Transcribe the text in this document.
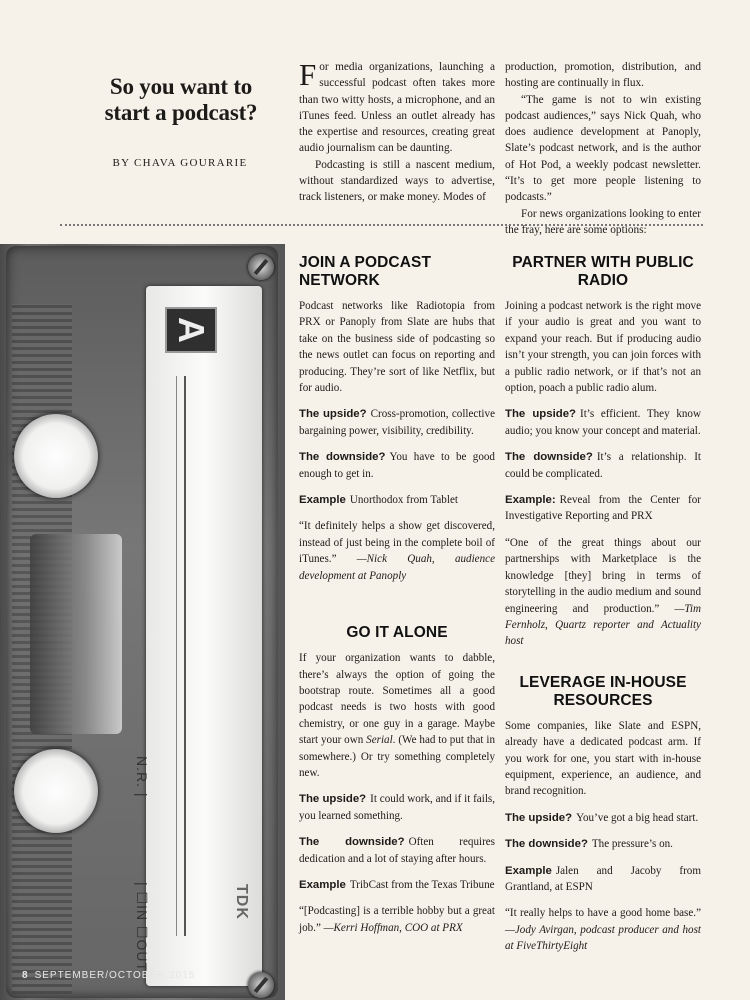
So you want to start a podcast?
BY CHAVA GOURARIE

For media organizations, launching a successful podcast often takes more than two witty hosts, a microphone, and an iTunes feed. Unless an outlet already has the expertise and resources, creating great audio journalism can be daunting.

Podcasting is still a nascent medium, without standardized ways to advertise, track listeners, or make money. Modes of

production, promotion, distribution, and hosting are continually in flux.

“The game is not to win existing podcast audiences,” says Nick Quah, who does audience development at Panoply, Slate’s podcast network, and is the author of Hot Pod, a weekly podcast newsletter. “It’s to get more people listening to podcasts.”

For news organizations looking to enter the fray, here are some options:

A
N.R. |
| ☐IN ☐OUT	TDK
8 SEPTEMBER/OCTOBER 2015
JOIN A PODCAST NETWORK

Podcast networks like Radiotopia from PRX or Panoply from Slate are hubs that take on the business side of podcasting so the news outlet can focus on reporting and producing. They’re sort of like Netflix, but for audio.

The upside? Cross-promotion, collective bargaining power, visibility, credibility.

The downside? You have to be good enough to get in.

Example Unorthodox from Tablet

“It definitely helps a show get discovered, instead of just being in the complete boil of iTunes.” —Nick Quah, audience development at Panoply

GO IT ALONE

If your organization wants to dabble, there’s always the option of going the bootstrap route. Sometimes all a good podcast needs is two hosts with good chemistry, or one guy in a garage. Maybe start your own Serial. (We had to put that in somewhere.) Or try something completely new.

The upside? It could work, and if it fails, you learned something.

The downside? Often requires dedication and a lot of staying after hours.

Example TribCast from the Texas Tribune

“[Podcasting] is a terrible hobby but a great job.” —Kerri Hoffman, COO at PRX

PARTNER WITH PUBLIC RADIO

Joining a podcast network is the right move if your audio is great and you want to expand your reach. But if producing audio isn’t your strength, you can join forces with a public radio network, or if that’s not an option, poach a public radio alum.

The upside? It’s efficient. They know audio; you know your concept and material.

The downside? It’s a relationship. It could be complicated.

Example: Reveal from the Center for Investigative Reporting and PRX

“One of the great things about our partnerships with Marketplace is the knowledge [they] bring in terms of storytelling in the audio medium and sound engineering and production.” —Tim Fernholz, Quartz reporter and Actuality host

LEVERAGE IN-HOUSE RESOURCES

Some companies, like Slate and ESPN, already have a dedicated podcast arm. If you work for one, you start with in-house equipment, experience, an audience, and brand recognition.

The upside? You’ve got a big head start.

The downside? The pressure’s on.

Example Jalen and Jacoby from Grantland, at ESPN

“It really helps to have a good home base.” —Jody Avirgan, podcast producer and host at FiveThirtyEight
